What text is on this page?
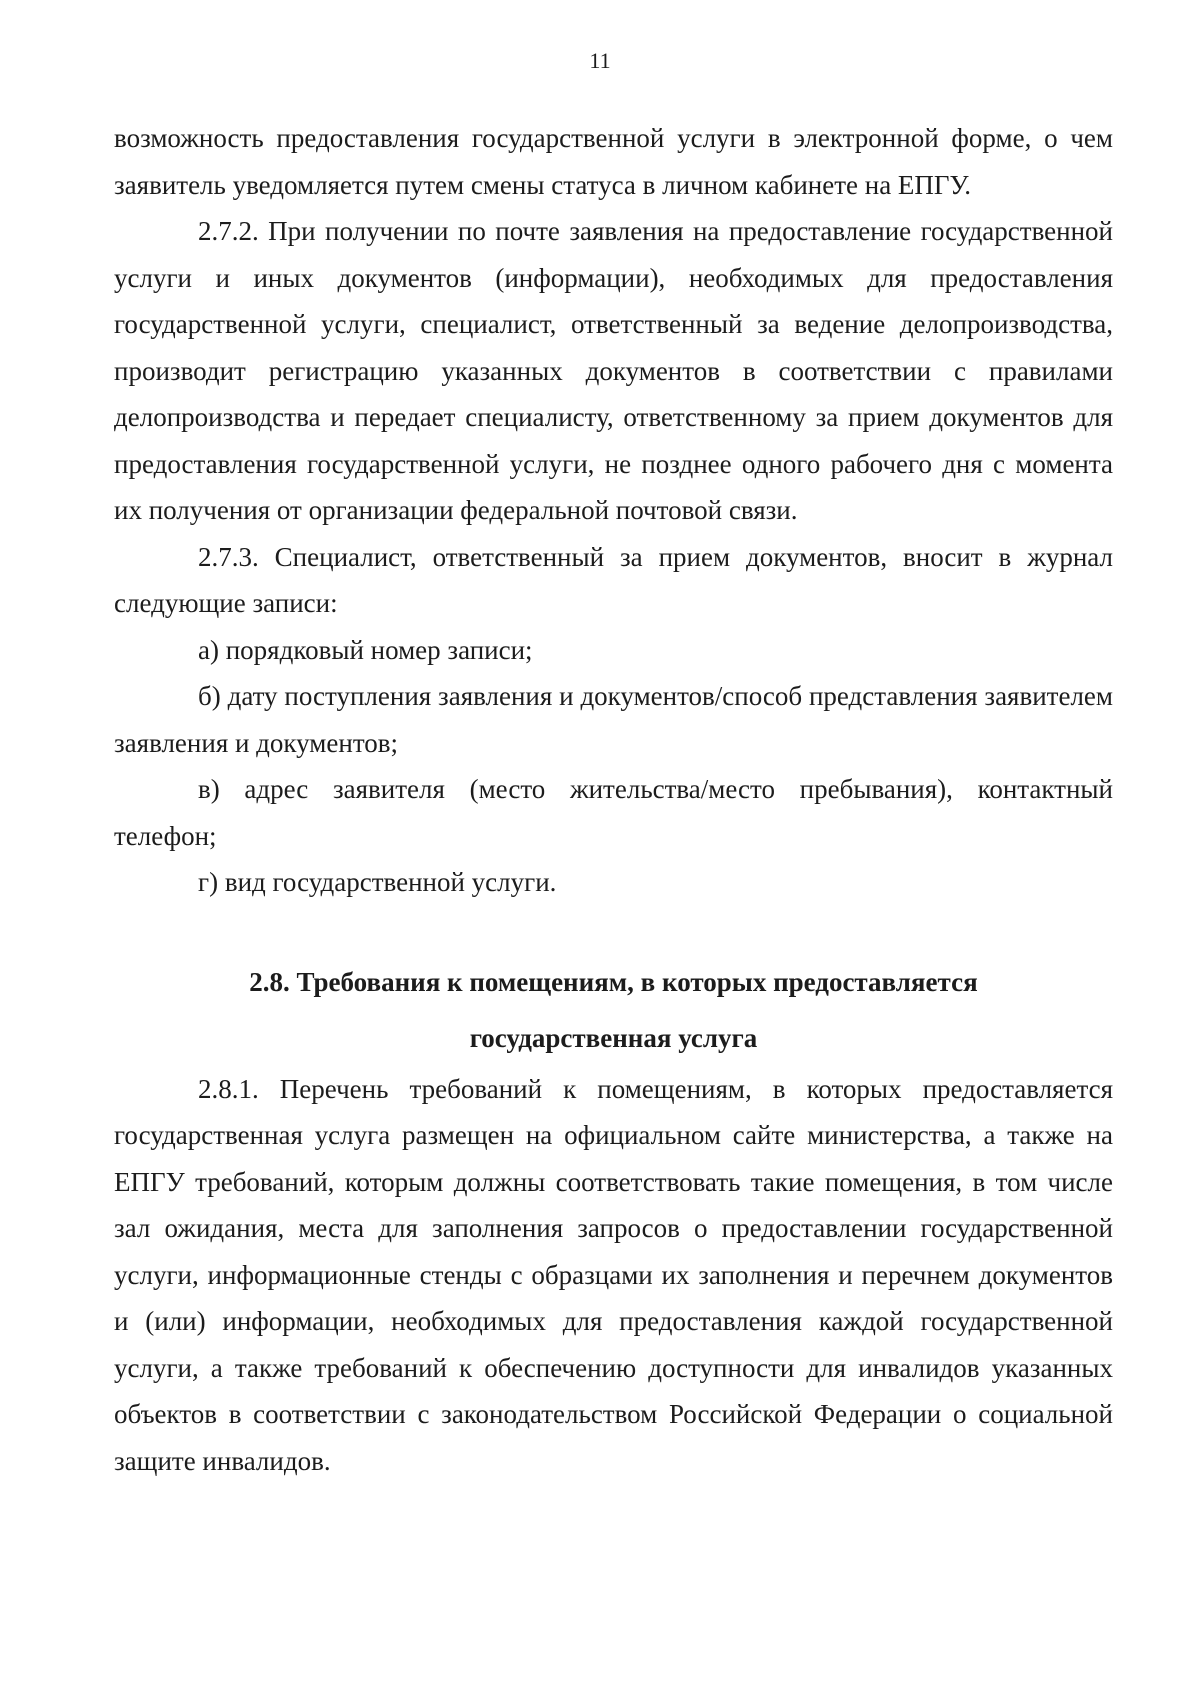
11

возможность предоставления государственной услуги в электронной форме, о чем заявитель уведомляется путем смены статуса в личном кабинете на ЕПГУ.

2.7.2. При получении по почте заявления на предоставление государственной услуги и иных документов (информации), необходимых для предоставления государственной услуги, специалист, ответственный за ведение делопроизводства, производит регистрацию указанных документов в соответствии с правилами делопроизводства и передает специалисту, ответственному за прием документов для предоставления государственной услуги, не позднее одного рабочего дня с момента их получения от организации федеральной почтовой связи.

2.7.3. Специалист, ответственный за прием документов, вносит в журнал следующие записи:

а) порядковый номер записи;

б) дату поступления заявления и документов/способ представления заявителем заявления и документов;

в) адрес заявителя (место жительства/место пребывания), контактный телефон;

г) вид государственной услуги.

2.8. Требования к помещениям, в которых предоставляется
государственная услуга

2.8.1. Перечень требований к помещениям, в которых предоставляется государственная услуга размещен на официальном сайте министерства, а также на ЕПГУ требований, которым должны соответствовать такие помещения, в том числе зал ожидания, места для заполнения запросов о предоставлении государственной услуги, информационные стенды с образцами их заполнения и перечнем документов и (или) информации, необходимых для предоставления каждой государственной услуги, а также требований к обеспечению доступности для инвалидов указанных объектов в соответствии с законодательством Российской Федерации о социальной защите инвалидов.
